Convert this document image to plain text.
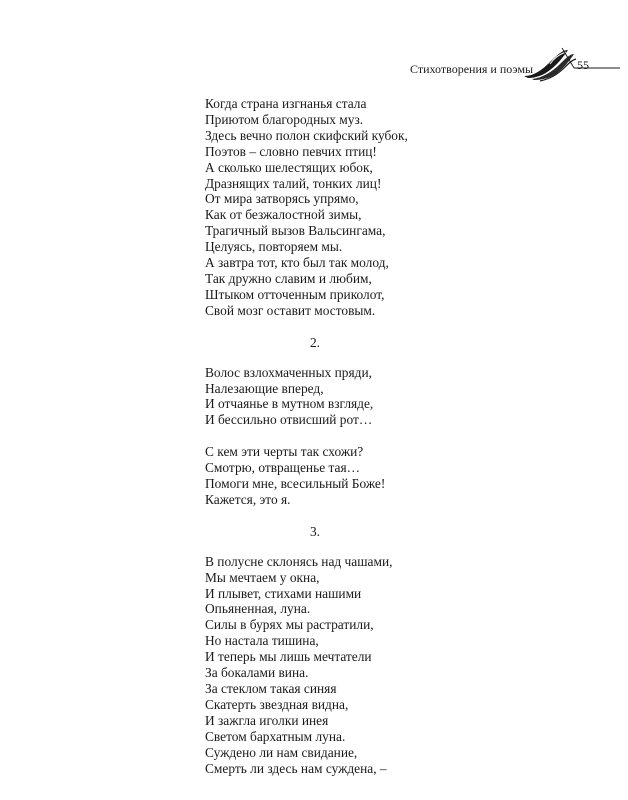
Стихотворения и поэмы	55
Когда страна изгнанья стала
Приютом благородных муз.
Здесь вечно полон скифский кубок,
Поэтов – словно певчих птиц!
А сколько шелестящих юбок,
Дразнящих талий, тонких лиц!
От мира затворясь упрямо,
Как от безжалостной зимы,
Трагичный вызов Вальсингама,
Целуясь, повторяем мы.
А завтра тот, кто был так молод,
Так дружно славим и любим,
Штыком отточенным приколот,
Свой мозг оставит мостовым.
2.
Волос взлохмаченных пряди,
Налезающие вперед,
И отчаянье в мутном взгляде,
И бессильно отвисший рот…
С кем эти черты так схожи?
Смотрю, отвращенье тая…
Помоги мне, всесильный Боже!
Кажется, это я.
3.
В полусне склонясь над чашами,
Мы мечтаем у окна,
И плывет, стихами нашими
Опьяненная, луна.
Силы в бурях мы растратили,
Но настала тишина,
И теперь мы лишь мечтатели
За бокалами вина.
За стеклом такая синяя
Скатерть звездная видна,
И зажгла иголки инея
Светом бархатным луна.
Суждено ли нам свидание,
Смерть ли здесь нам суждена, –
